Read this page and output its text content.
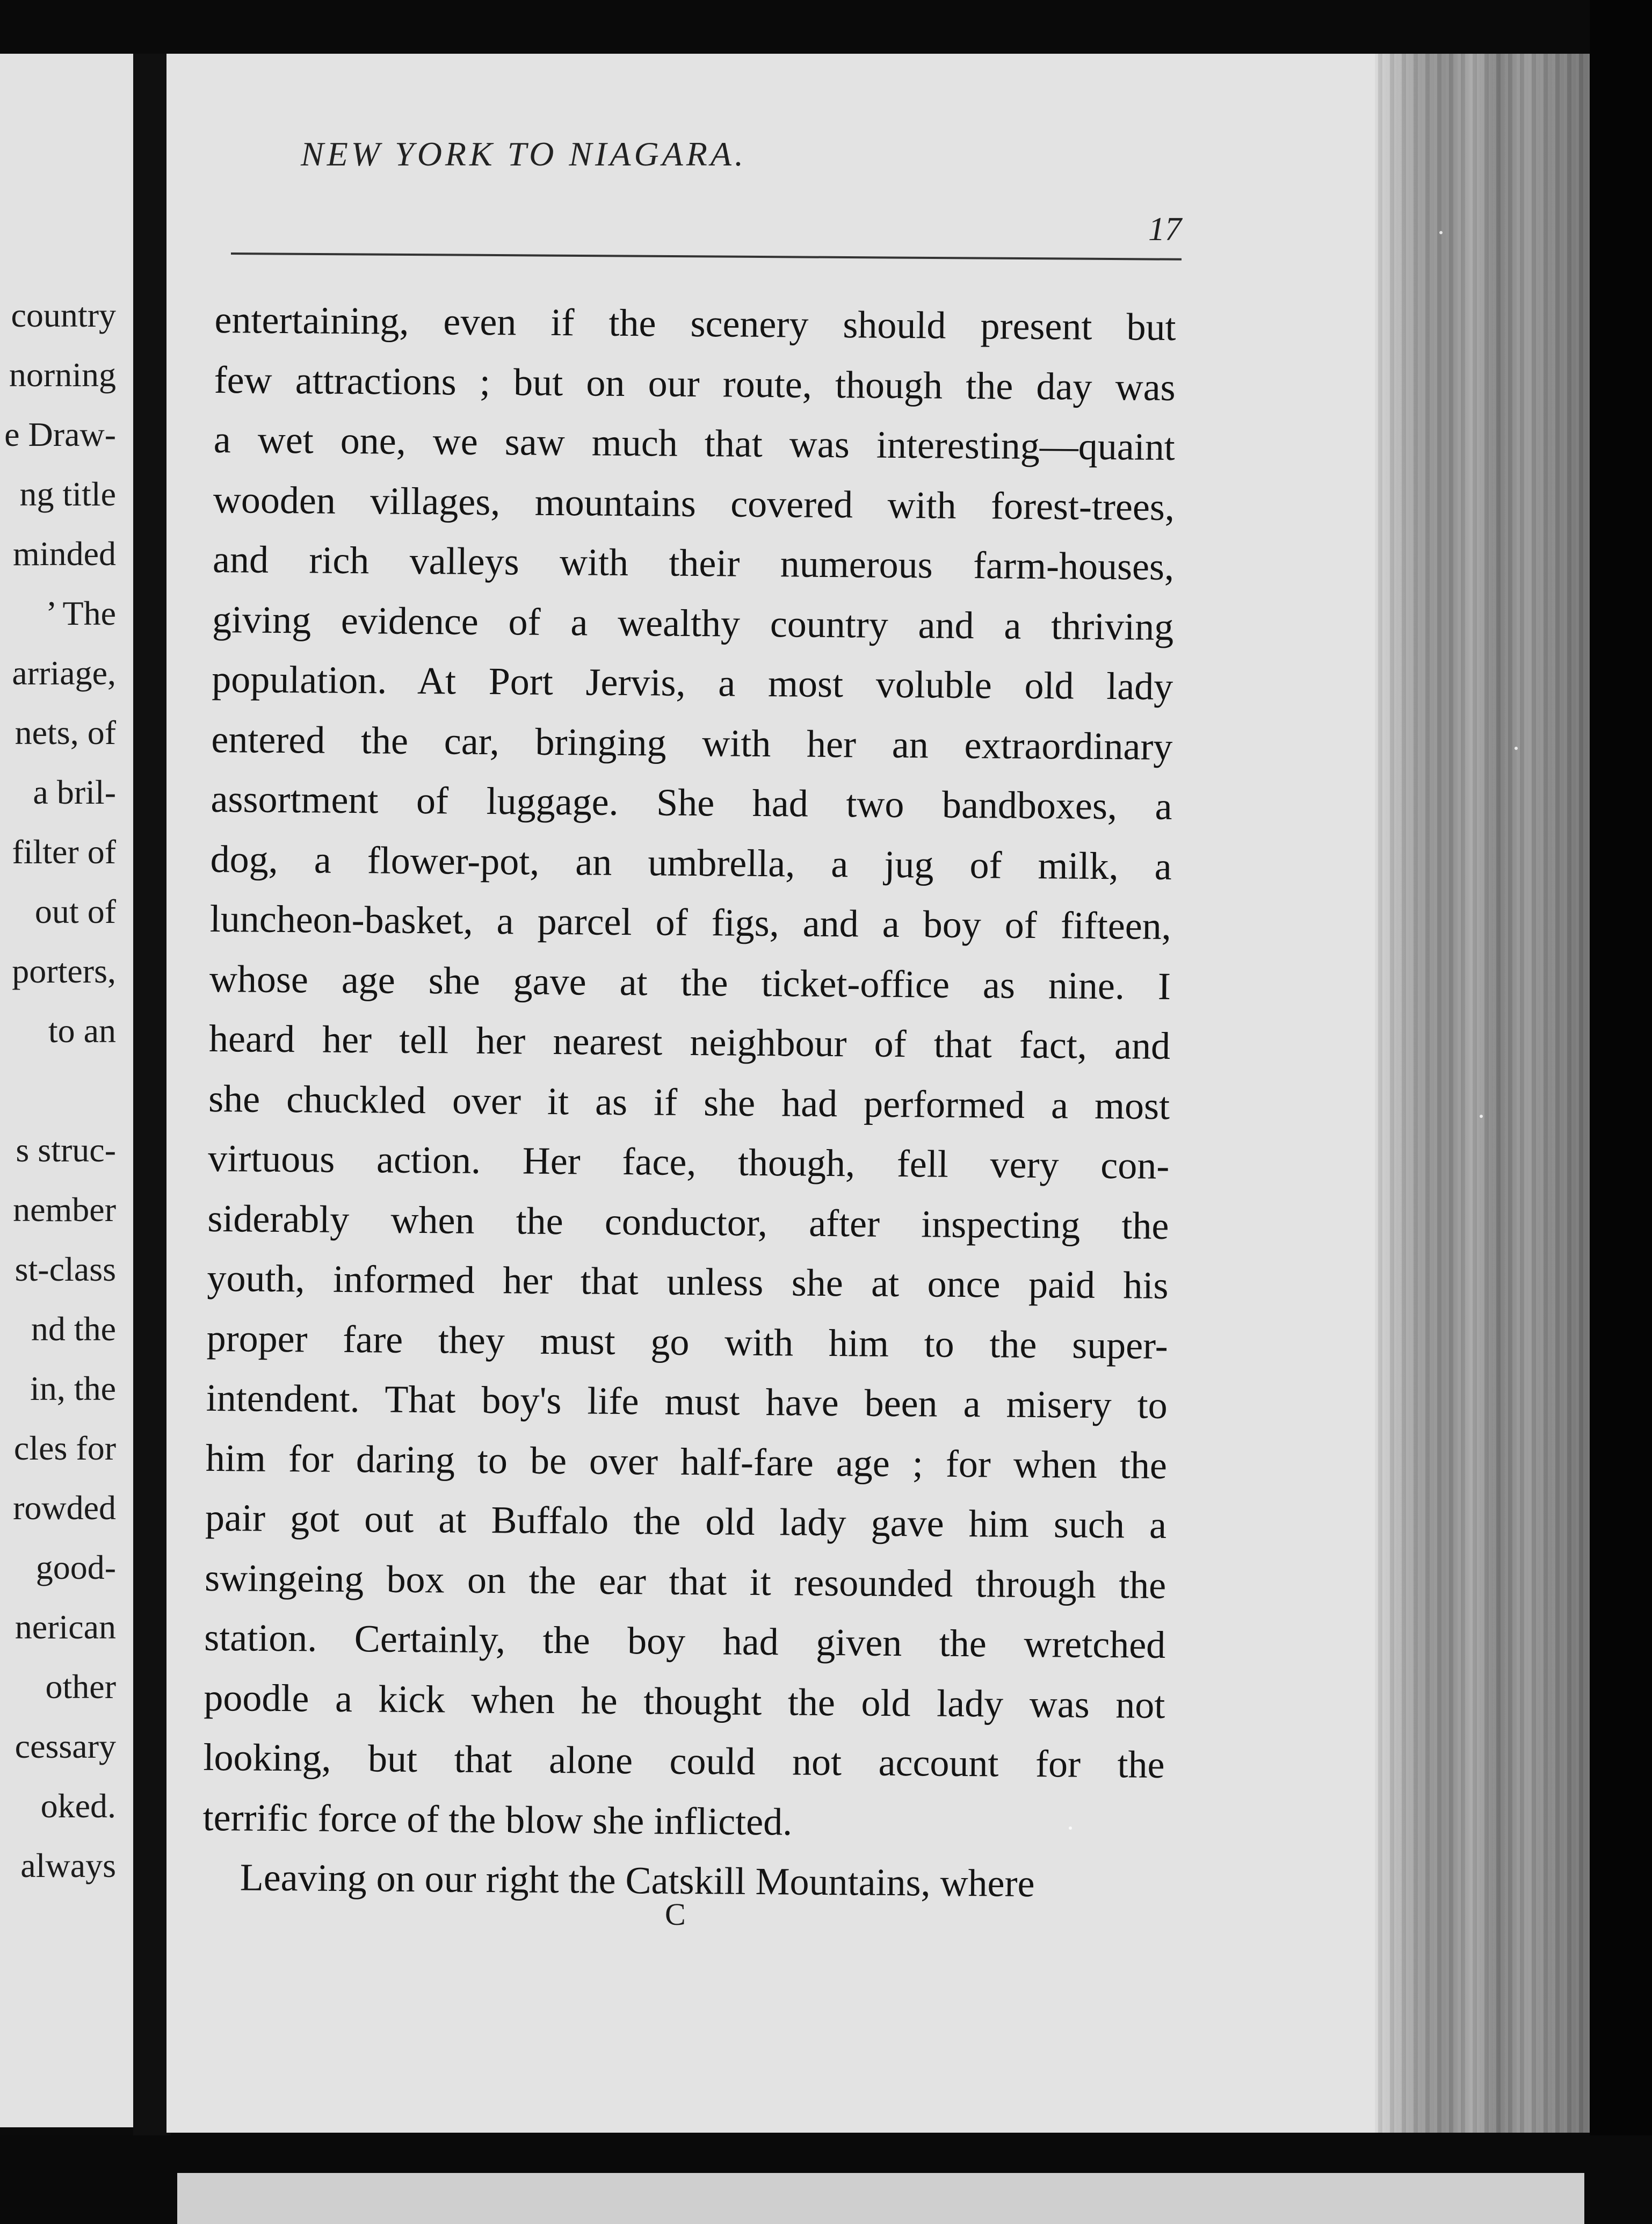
country
norning
e Draw-
ng title
minded
’ The
arriage,
nets, of
a bril-
filter of
out of
porters,
to an
s struc-
nember
st-class
nd the
in, the
cles for
rowded
good-
nerican
other
cessary
oked.
always
NEW YORK TO NIAGARA.
17
entertaining, even if the scenery should present but
few attractions ; but on our route, though the day was
a wet one, we saw much that was interesting—quaint
wooden villages, mountains covered with forest-trees,
and rich valleys with their numerous farm-houses,
giving evidence of a wealthy country and a thriving
population. At Port Jervis, a most voluble old lady
entered the car, bringing with her an extraordinary
assortment of luggage. She had two bandboxes, a
dog, a flower-pot, an umbrella, a jug of milk, a
luncheon-basket, a parcel of figs, and a boy of fifteen,
whose age she gave at the ticket-office as nine. I
heard her tell her nearest neighbour of that fact, and
she chuckled over it as if she had performed a most
virtuous action. Her face, though, fell very con-
siderably when the conductor, after inspecting the
youth, informed her that unless she at once paid his
proper fare they must go with him to the super-
intendent. That boy's life must have been a misery to
him for daring to be over half-fare age ; for when the
pair got out at Buffalo the old lady gave him such a
swingeing box on the ear that it resounded through the
station. Certainly, the boy had given the wretched
poodle a kick when he thought the old lady was not
looking, but that alone could not account for the
terrific force of the blow she inflicted.
Leaving on our right the Catskill Mountains, where
C
